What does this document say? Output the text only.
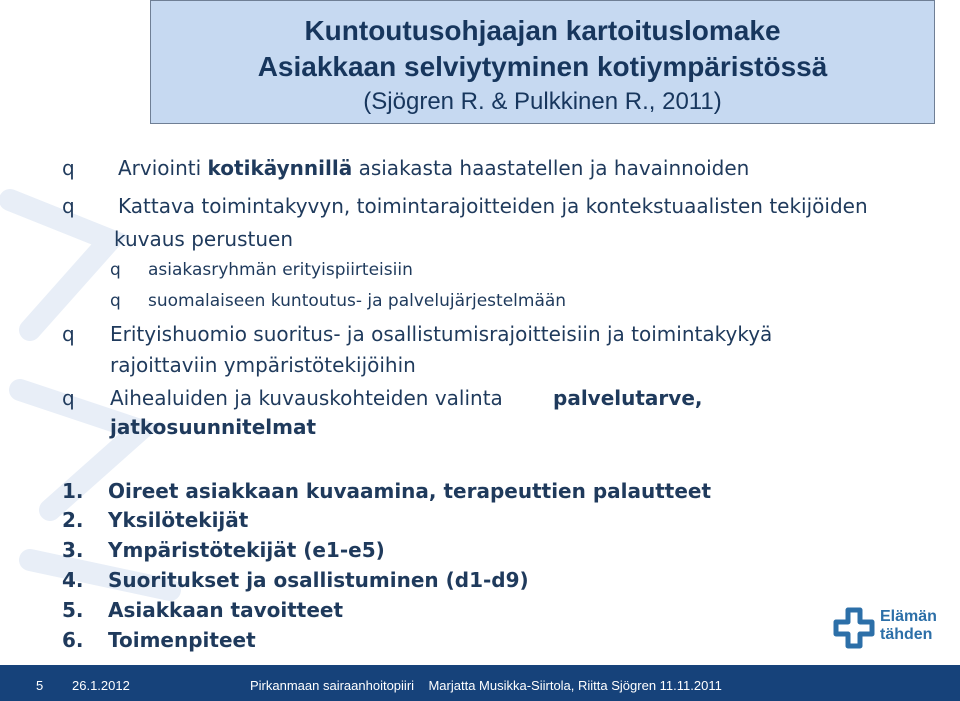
Kuntoutusohjaajan kartoituslomake
Asiakkaan selviytyminen kotiympäristössä
(Sjögren R. & Pulkkinen R., 2011)
q Arviointi kotikäynnillä asiakasta haastatellen ja havainnoiden
q Kattava toimintakyvyn, toimintarajoitteiden ja kontekstuaalisten tekijöiden
kuvaus perustuen
q asiakasryhmän erityispiirteisiin
q suomalaiseen kuntoutus- ja palvelujärjestelmään
q Erityishuomio suoritus- ja osallistumisrajoitteisiin ja toimintakykyä
rajoittaviin ympäristötekijöihin
q Aihealuiden ja kuvauskohteiden valinta	palvelutarve,
jatkosuunnitelmat
1. Oireet asiakkaan kuvaamina, terapeuttien palautteet
2. Yksilötekijät
3. Ympäristötekijät (e1-e5)
4. Suoritukset ja osallistuminen (d1-d9)
5. Asiakkaan tavoitteet
6. Toimenpiteet
Elämän
tähden
5 26.1.2012	Pirkanmaan sairaanhoitopiiri    Marjatta Musikka-Siirtola, Riitta Sjögren 11.11.2011
